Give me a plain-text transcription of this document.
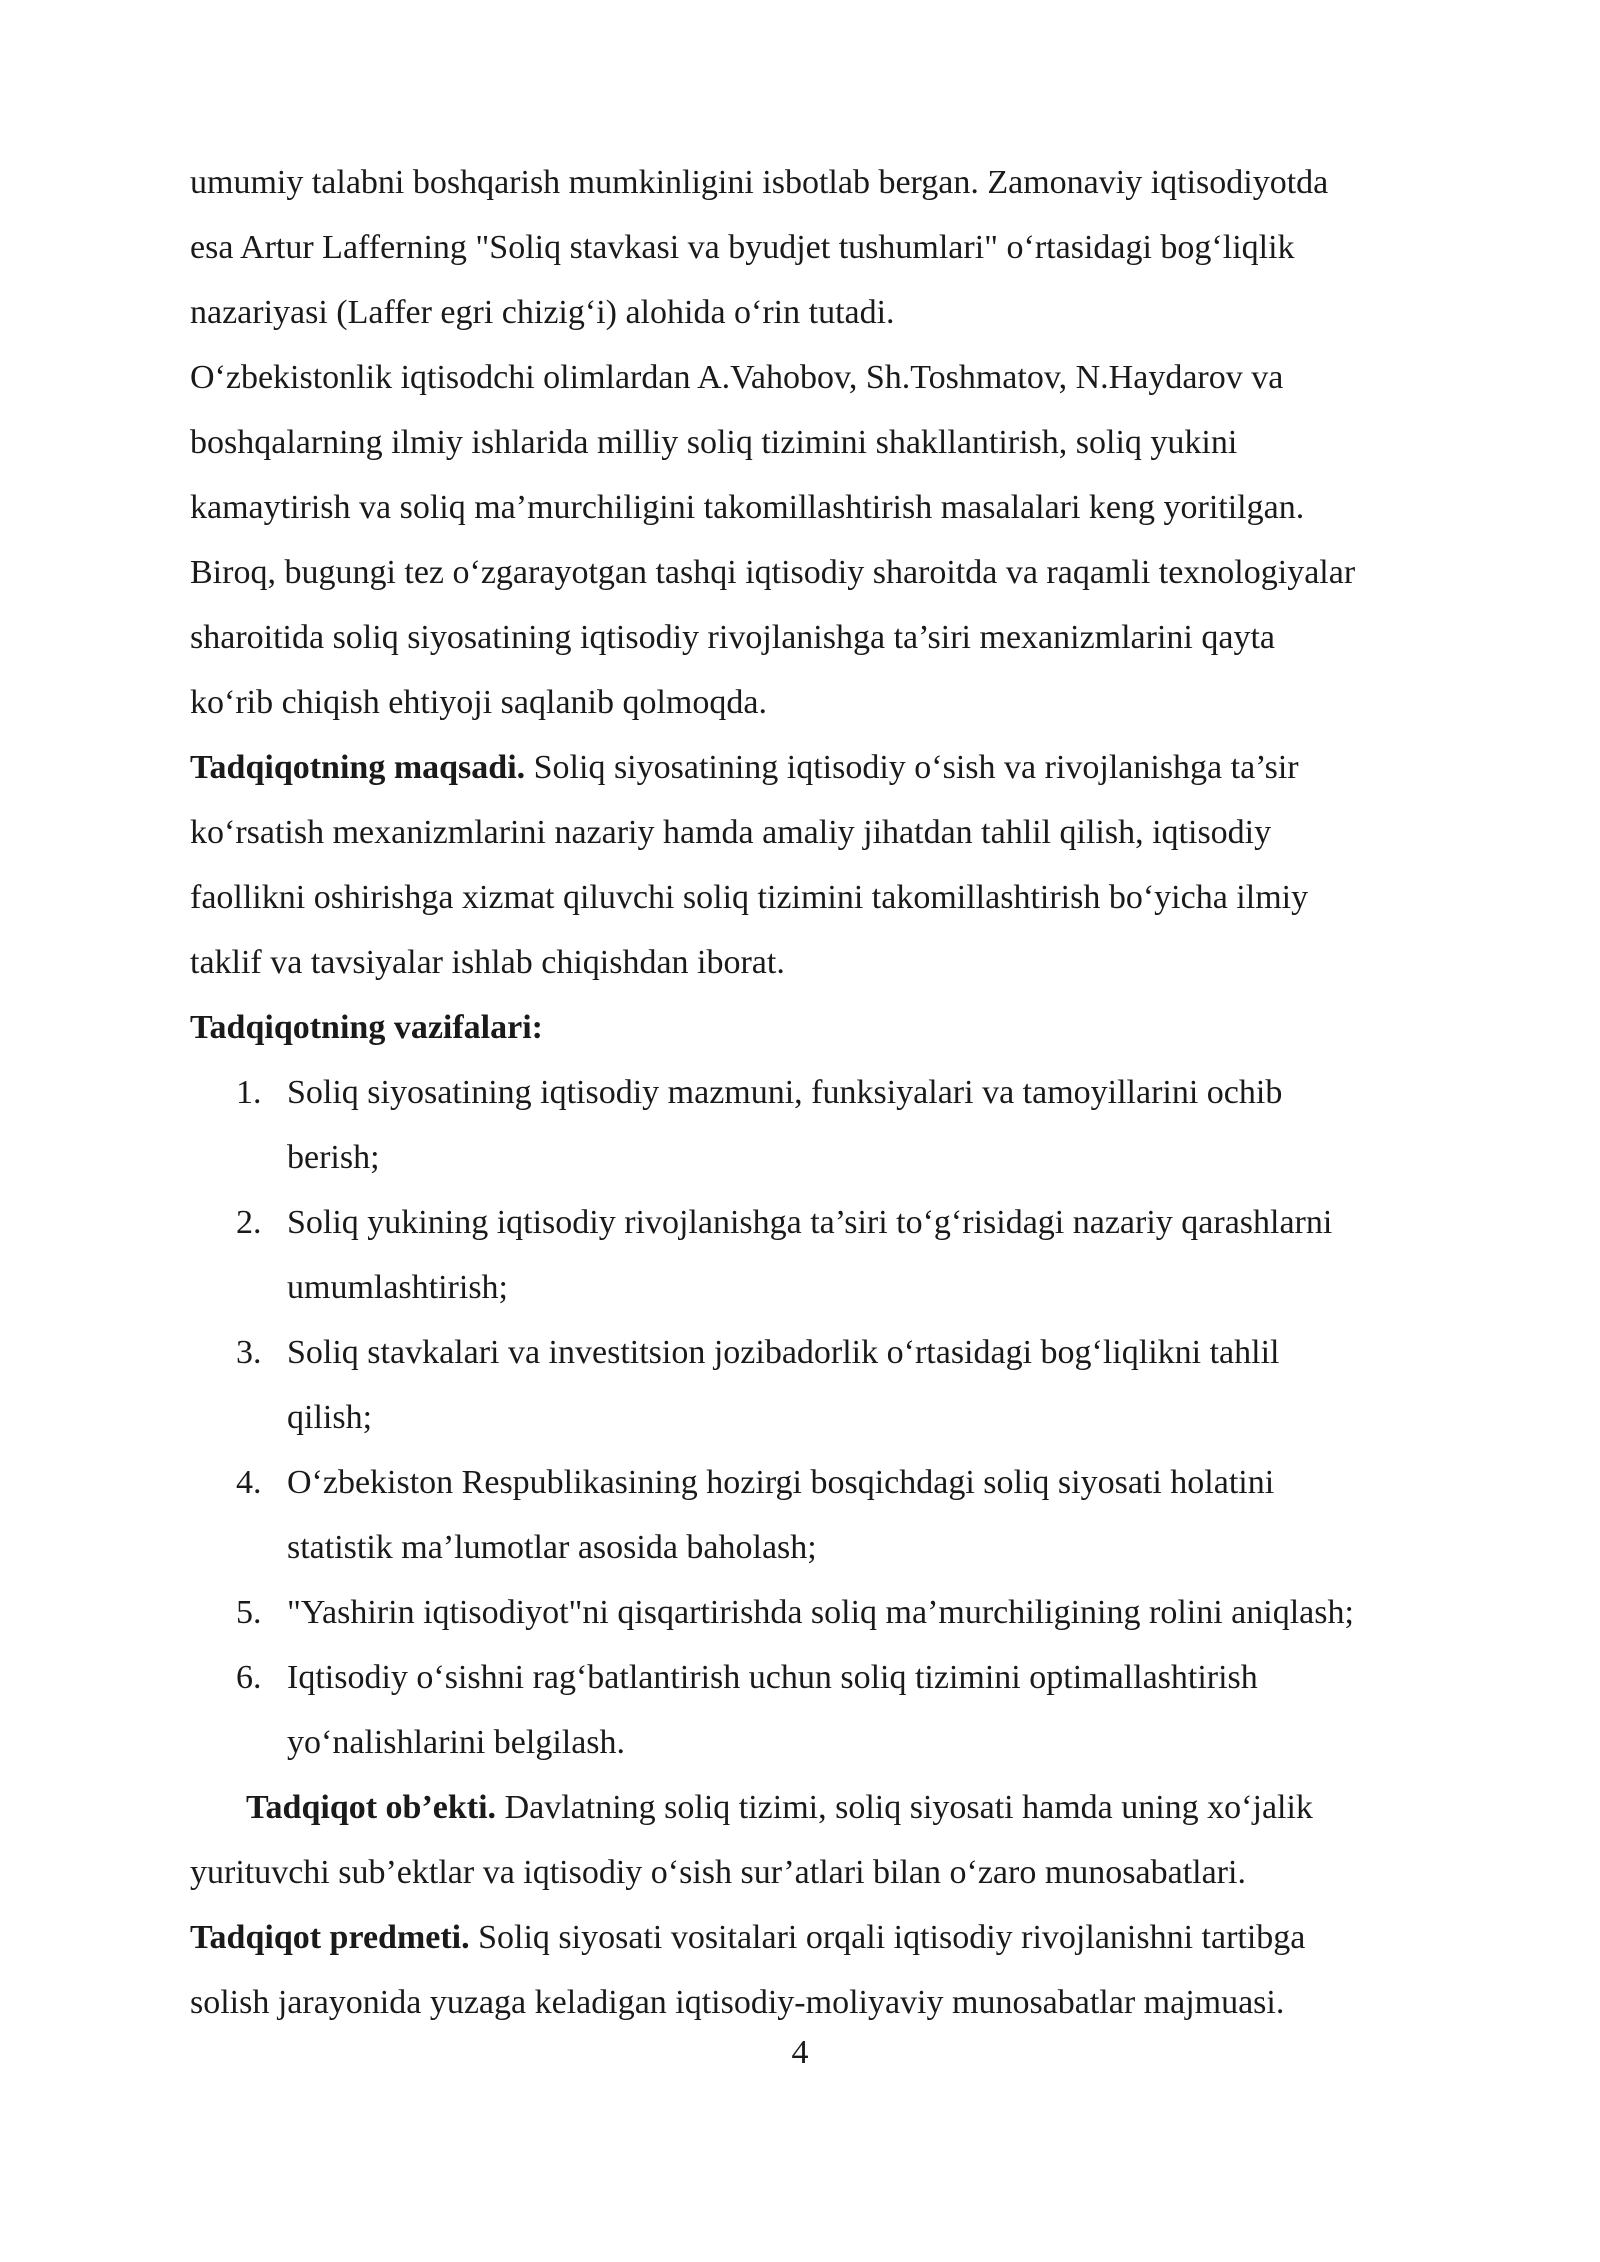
umumiy talabni boshqarish mumkinligini isbotlab bergan. Zamonaviy iqtisodiyotda
esa Artur Lafferning "Soliq stavkasi va byudjet tushumlari" o‘rtasidagi bog‘liqlik
nazariyasi (Laffer egri chizig‘i) alohida o‘rin tutadi.
O‘zbekistonlik iqtisodchi olimlardan A.Vahobov, Sh.Toshmatov, N.Haydarov va
boshqalarning ilmiy ishlarida milliy soliq tizimini shakllantirish, soliq yukini
kamaytirish va soliq ma’murchiligini takomillashtirish masalalari keng yoritilgan.
Biroq, bugungi tez o‘zgarayotgan tashqi iqtisodiy sharoitda va raqamli texnologiyalar
sharoitida soliq siyosatining iqtisodiy rivojlanishga ta’siri mexanizmlarini qayta
ko‘rib chiqish ehtiyoji saqlanib qolmoqda.
Tadqiqotning maqsadi. Soliq siyosatining iqtisodiy o‘sish va rivojlanishga ta’sir
ko‘rsatish mexanizmlarini nazariy hamda amaliy jihatdan tahlil qilish, iqtisodiy
faollikni oshirishga xizmat qiluvchi soliq tizimini takomillashtirish bo‘yicha ilmiy
taklif va tavsiyalar ishlab chiqishdan iborat.
Tadqiqotning vazifalari:
1. Soliq siyosatining iqtisodiy mazmuni, funksiyalari va tamoyillarini ochib
berish;
2. Soliq yukining iqtisodiy rivojlanishga ta’siri to‘g‘risidagi nazariy qarashlarni
umumlashtirish;
3. Soliq stavkalari va investitsion jozibadorlik o‘rtasidagi bog‘liqlikni tahlil
qilish;
4. O‘zbekiston Respublikasining hozirgi bosqichdagi soliq siyosati holatini
statistik ma’lumotlar asosida baholash;
5. "Yashirin iqtisodiyot"ni qisqartirishda soliq ma’murchiligining rolini aniqlash;
6. Iqtisodiy o‘sishni rag‘batlantirish uchun soliq tizimini optimallashtirish
yo‘nalishlarini belgilash.
Tadqiqot ob’ekti. Davlatning soliq tizimi, soliq siyosati hamda uning xo‘jalik
yurituvchi sub’ektlar va iqtisodiy o‘sish sur’atlari bilan o‘zaro munosabatlari.
Tadqiqot predmeti. Soliq siyosati vositalari orqali iqtisodiy rivojlanishni tartibga
solish jarayonida yuzaga keladigan iqtisodiy-moliyaviy munosabatlar majmuasi.
4
